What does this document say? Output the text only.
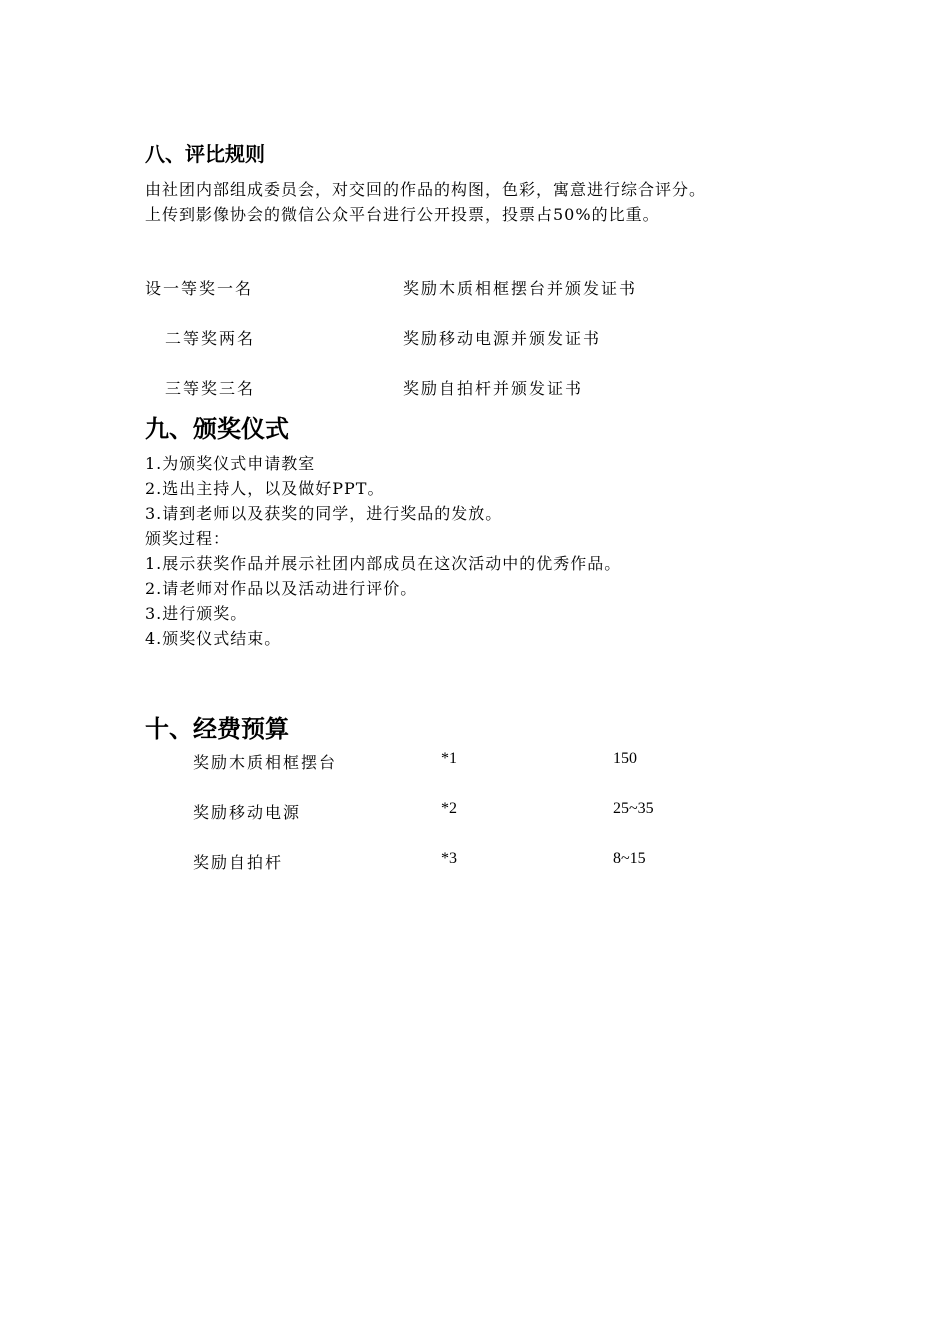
八、评比规则
由社团内部组成委员会，对交回的作品的构图，色彩，寓意进行综合评分。
上传到影像协会的微信公众平台进行公开投票，投票占50%的比重。
设一等奖一名	奖励木质相框摆台并颁发证书
二等奖两名	奖励移动电源并颁发证书
三等奖三名	奖励自拍杆并颁发证书
九、颁奖仪式
1.为颁奖仪式申请教室
2.选出主持人，以及做好PPT。
3.请到老师以及获奖的同学，进行奖品的发放。
颁奖过程：
1.展示获奖作品并展示社团内部成员在这次活动中的优秀作品。
2.请老师对作品以及活动进行评价。
3.进行颁奖。
4.颁奖仪式结束。
十、经费预算
奖励木质相框摆台	*1	150
奖励移动电源	*2	25~35
奖励自拍杆	*3	8~15
